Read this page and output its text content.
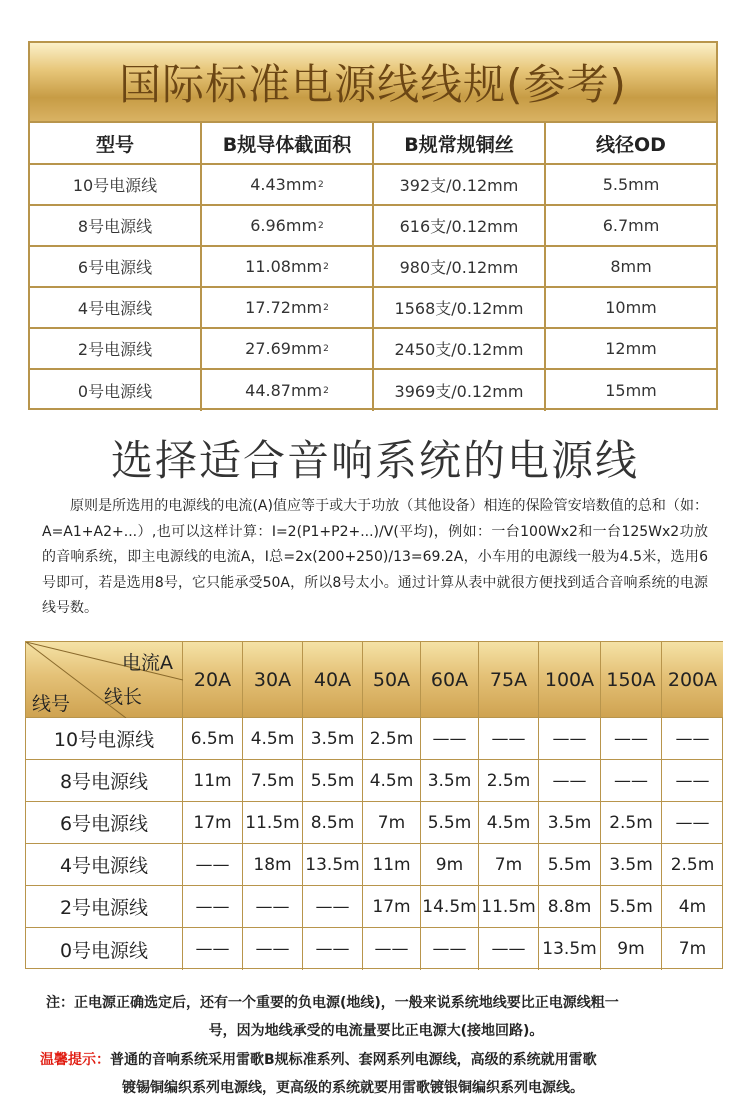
国际标准电源线线规(参考)
型号	B规导体截面积	B规常规铜丝	线径OD
10号电源线	4.43 mm 2	392支/0.12mm	5.5mm
8号电源线	6.96 mm 2	616支/0.12mm	6.7mm
6号电源线	11.08 mm 2	980支/0.12mm	8mm
4号电源线	17.72 mm 2	1568支/0.12mm	10mm
2号电源线	27.69 mm 2	2450支/0.12mm	12mm
0号电源线	44.87 mm 2	3969支/0.12mm	15mm
选择适合音响系统的电源线

原则是所选用的电源线的电流(A)值应等于或大于功放（其他设备）相连的保险管安培数值的总和（如：A=A1+A2+...）,也可以这样计算：I=2(P1+P2+...)/V(平均)，例如：一台100Wx2和一台125Wx2功放的音响系统，即主电源线的电流A，I总=2x(200+250)/13=69.2A，小车用的电源线一般为4.5米，选用6号即可，若是选用8号，它只能承受50A，所以8号太小。通过计算从表中就很方便找到适合音响系统的电源线号数。

电流A
线长
线号
20A	30A	40A	50A	60A	75A 100A 150A 200A
10号电源线	6.5m 4.5m 3.5m 2.5m	——	——	——	——	——
8号电源线	11m	7.5m 5.5m 4.5m 3.5m 2.5m	——	——	——
6号电源线	17m 11.5m 8.5m	7m	5.5m 4.5m	3.5m	2.5m	——
4号电源线	——	18m 13.5m 11m	9m	7m	5.5m	3.5m	2.5m
2号电源线	——	——	——	17m 14.5m 11.5m 8.8m	5.5m	4m
0号电源线	——	——	——	——	——	—— 13.5m	9m	7m
注：正电源正确选定后，还有一个重要的负电源(地线)，一般来说系统地线要比正电源线粗一
号，因为地线承受的电流量要比正电源大(接地回路)。
温馨提示：普通的音响系统采用雷歌B规标准系列、套网系列电源线，高级的系统就用雷歌
镀锡铜编织系列电源线，更高级的系统就要用雷歌镀银铜编织系列电源线。
